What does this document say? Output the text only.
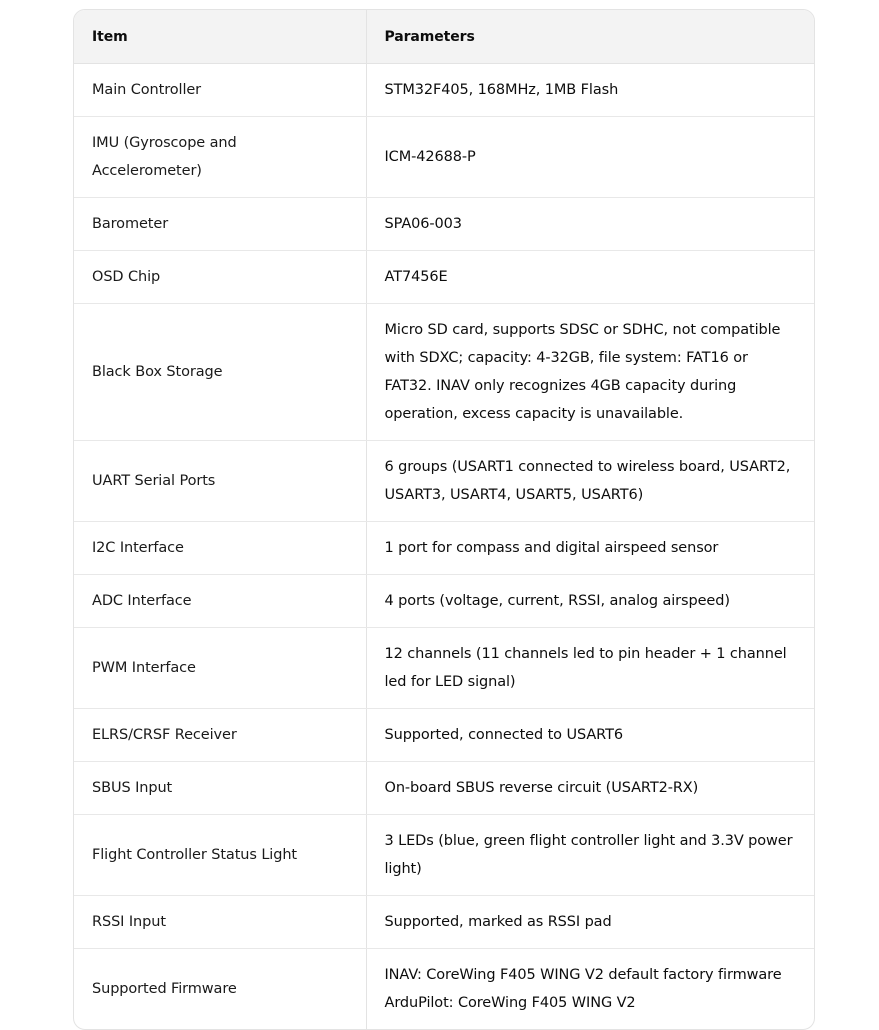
Item	Parameters
Main Controller	STM32F405, 168MHz, 1MB Flash
IMU (Gyroscope and Accelerometer)	ICM-42688-P
Barometer	SPA06-003
OSD Chip	AT7456E
Black Box Storage	Micro SD card, supports SDSC or SDHC, not compatible with SDXC; capacity: 4-32GB, file system: FAT16 or FAT32. INAV only recognizes 4GB capacity during operation, excess capacity is unavailable.
UART Serial Ports	6 groups (USART1 connected to wireless board, USART2, USART3, USART4, USART5, USART6)
I2C Interface	1 port for compass and digital airspeed sensor
ADC Interface	4 ports (voltage, current, RSSI, analog airspeed)
PWM Interface	12 channels (11 channels led to pin header + 1 channel led for LED signal)
ELRS/CRSF Receiver	Supported, connected to USART6
SBUS Input	On-board SBUS reverse circuit (USART2-RX)
Flight Controller Status Light	3 LEDs (blue, green flight controller light and 3.3V power light)
RSSI Input	Supported, marked as RSSI pad
Supported Firmware	INAV: CoreWing F405 WING V2 default factory firmware ArduPilot: CoreWing F405 WING V2
